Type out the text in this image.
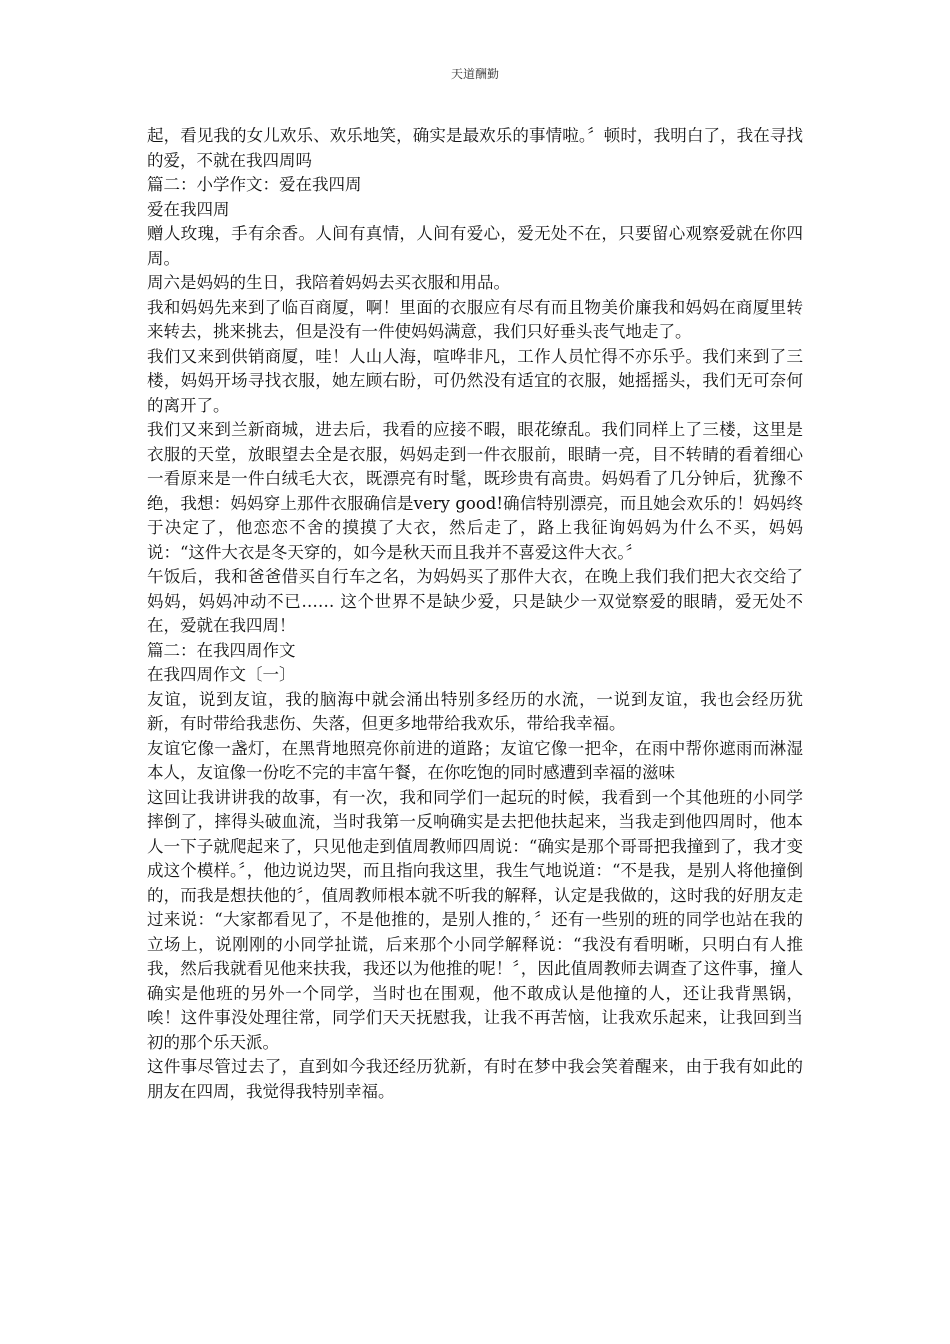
天道酬勤

起，看见我的女儿欢乐、欢乐地笑，确实是最欢乐的事情啦。〞顿时，我明白了，我在寻找的爱，不就在我四周吗

篇二：小学作文：爱在我四周

爱在我四周

赠人玫瑰，手有余香。人间有真情，人间有爱心，爱无处不在，只要留心观察爱就在你四周。

周六是妈妈的生日，我陪着妈妈去买衣服和用品。

我和妈妈先来到了临百商厦，啊！里面的衣服应有尽有而且物美价廉我和妈妈在商厦里转来转去，挑来挑去，但是没有一件使妈妈满意，我们只好垂头丧气地走了。

我们又来到供销商厦，哇！人山人海，喧哗非凡，工作人员忙得不亦乐乎。我们来到了三楼，妈妈开场寻找衣服，她左顾右盼，可仍然没有适宜的衣服，她摇摇头，我们无可奈何的离开了。

我们又来到兰新商城，进去后，我看的应接不暇，眼花缭乱。我们同样上了三楼，这里是衣服的天堂，放眼望去全是衣服，妈妈走到一件衣服前，眼睛一亮，目不转睛的看着细心一看原来是一件白绒毛大衣，既漂亮有时髦，既珍贵有高贵。妈妈看了几分钟后，犹豫不绝，我想：妈妈穿上那件衣服确信是very good!确信特别漂亮，而且她会欢乐的！妈妈终于决定了，他恋恋不舍的摸摸了大衣，然后走了，路上我征询妈妈为什么不买，妈妈说：“这件大衣是冬天穿的，如今是秋天而且我并不喜爱这件大衣。〞

午饭后，我和爸爸借买自行车之名，为妈妈买了那件大衣，在晚上我们我们把大衣交给了妈妈，妈妈冲动不已…… 这个世界不是缺少爱，只是缺少一双觉察爱的眼睛，爱无处不在，爱就在我四周！

篇二：在我四周作文

在我四周作文〔一〕

友谊，说到友谊，我的脑海中就会涌出特别多经历的水流，一说到友谊，我也会经历犹新，有时带给我悲伤、失落，但更多地带给我欢乐，带给我幸福。

友谊它像一盏灯，在黑背地照亮你前进的道路；友谊它像一把伞，在雨中帮你遮雨而淋湿本人，友谊像一份吃不完的丰富午餐，在你吃饱的同时感遭到幸福的滋味

这回让我讲讲我的故事，有一次，我和同学们一起玩的时候，我看到一个其他班的小同学摔倒了，摔得头破血流，当时我第一反响确实是去把他扶起来，当我走到他四周时，他本人一下子就爬起来了，只见他走到值周教师四周说：“确实是那个哥哥把我撞到了，我才变成这个模样。〞，他边说边哭，而且指向我这里，我生气地说道：“不是我，是别人将他撞倒的，而我是想扶他的〞，值周教师根本就不听我的解释，认定是我做的，这时我的好朋友走过来说：“大家都看见了，不是他推的，是别人推的，〞还有一些别的班的同学也站在我的立场上，说刚刚的小同学扯谎，后来那个小同学解释说：“我没有看明晰，只明白有人推我，然后我就看见他来扶我，我还以为他推的呢！〞，因此值周教师去调查了这件事，撞人确实是他班的另外一个同学，当时也在围观，他不敢成认是他撞的人，还让我背黑锅，唉！这件事没处理往常，同学们天天抚慰我，让我不再苦恼，让我欢乐起来，让我回到当初的那个乐天派。

这件事尽管过去了，直到如今我还经历犹新，有时在梦中我会笑着醒来，由于我有如此的朋友在四周，我觉得我特别幸福。
